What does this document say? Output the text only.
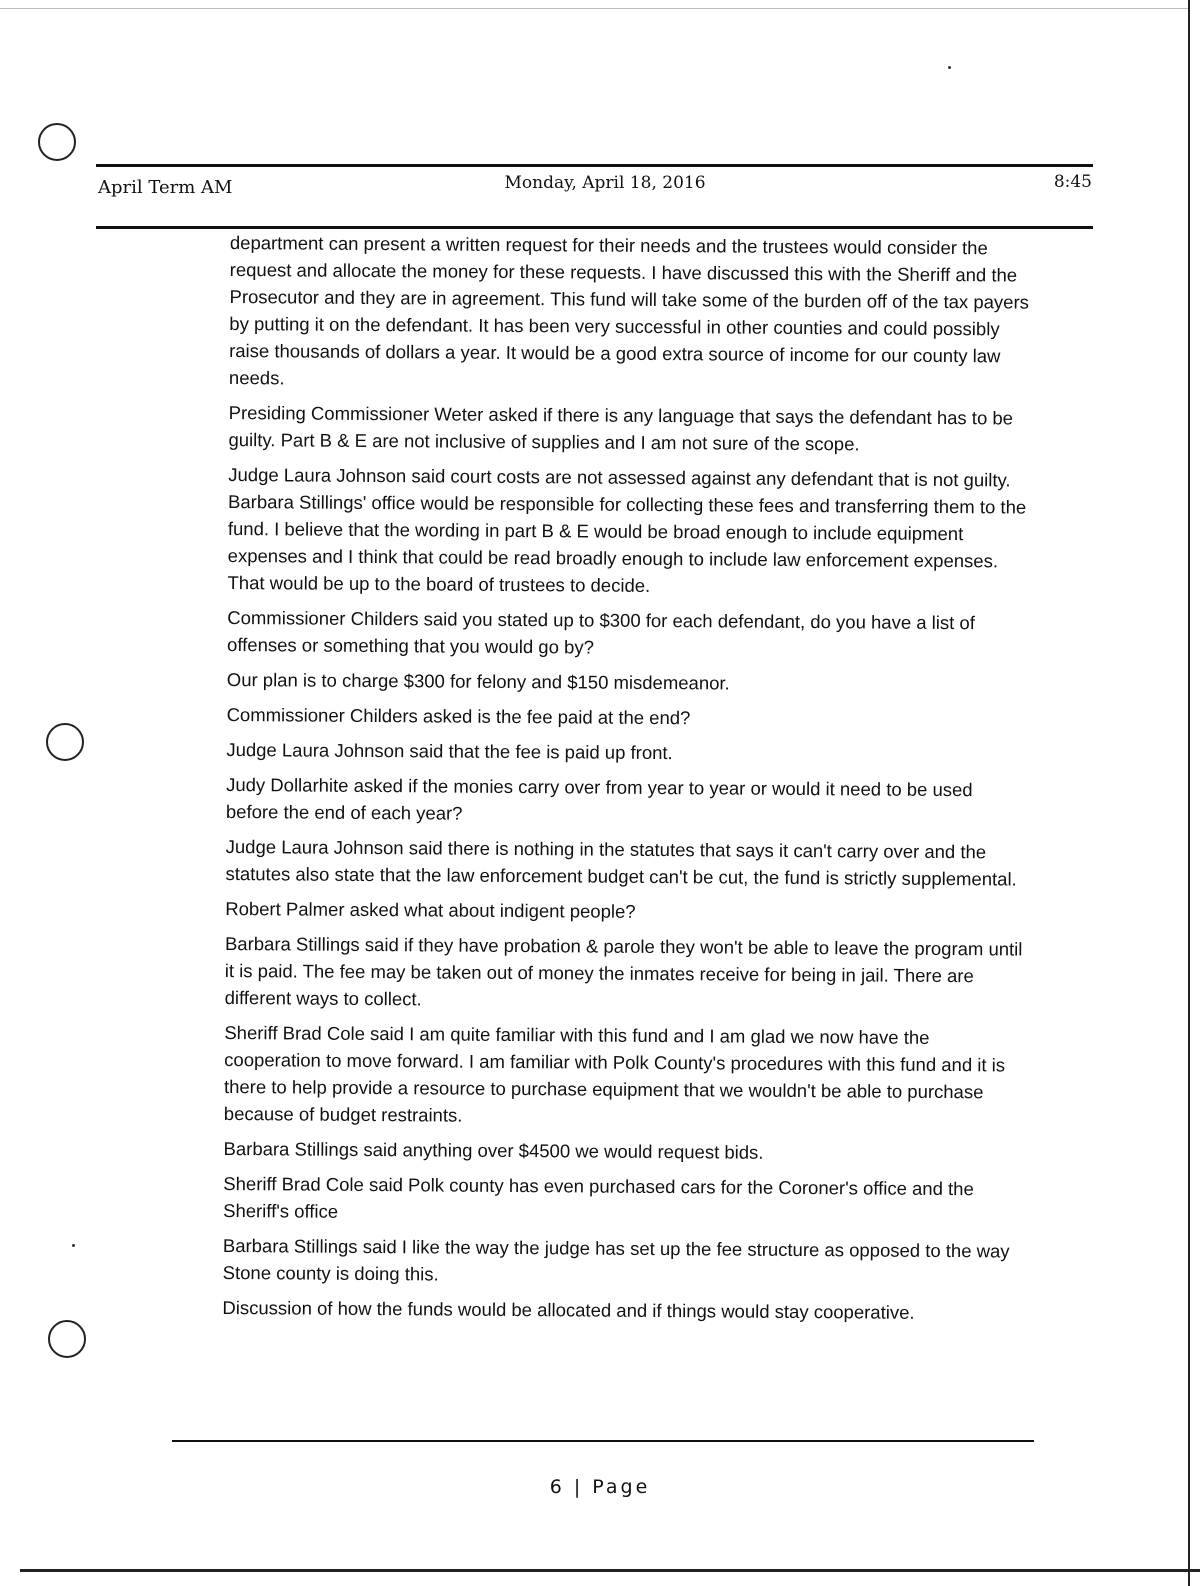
April Term AM	Monday, April 18, 2016	8:45

department can present a written request for their needs and the trustees would consider the request and allocate the money for these requests. I have discussed this with the Sheriff and the Prosecutor and they are in agreement. This fund will take some of the burden off of the tax payers by putting it on the defendant. It has been very successful in other counties and could possibly raise thousands of dollars a year. It would be a good extra source of income for our county law needs.

Presiding Commissioner Weter asked if there is any language that says the defendant has to be guilty. Part B & E are not inclusive of supplies and I am not sure of the scope.

Judge Laura Johnson said court costs are not assessed against any defendant that is not guilty. Barbara Stillings' office would be responsible for collecting these fees and transferring them to the fund. I believe that the wording in part B & E would be broad enough to include equipment expenses and I think that could be read broadly enough to include law enforcement expenses. That would be up to the board of trustees to decide.

Commissioner Childers said you stated up to $300 for each defendant, do you have a list of offenses or something that you would go by?

Our plan is to charge $300 for felony and $150 misdemeanor.

Commissioner Childers asked is the fee paid at the end?

Judge Laura Johnson said that the fee is paid up front.

Judy Dollarhite asked if the monies carry over from year to year or would it need to be used before the end of each year?

Judge Laura Johnson said there is nothing in the statutes that says it can't carry over and the statutes also state that the law enforcement budget can't be cut, the fund is strictly supplemental.

Robert Palmer asked what about indigent people?

Barbara Stillings said if they have probation & parole they won't be able to leave the program until it is paid. The fee may be taken out of money the inmates receive for being in jail. There are different ways to collect.

Sheriff Brad Cole said I am quite familiar with this fund and I am glad we now have the cooperation to move forward. I am familiar with Polk County's procedures with this fund and it is there to help provide a resource to purchase equipment that we wouldn't be able to purchase because of budget restraints.

Barbara Stillings said anything over $4500 we would request bids.

Sheriff Brad Cole said Polk county has even purchased cars for the Coroner's office and the Sheriff's office

Barbara Stillings said I like the way the judge has set up the fee structure as opposed to the way Stone county is doing this.

Discussion of how the funds would be allocated and if things would stay cooperative.

6 | Page
